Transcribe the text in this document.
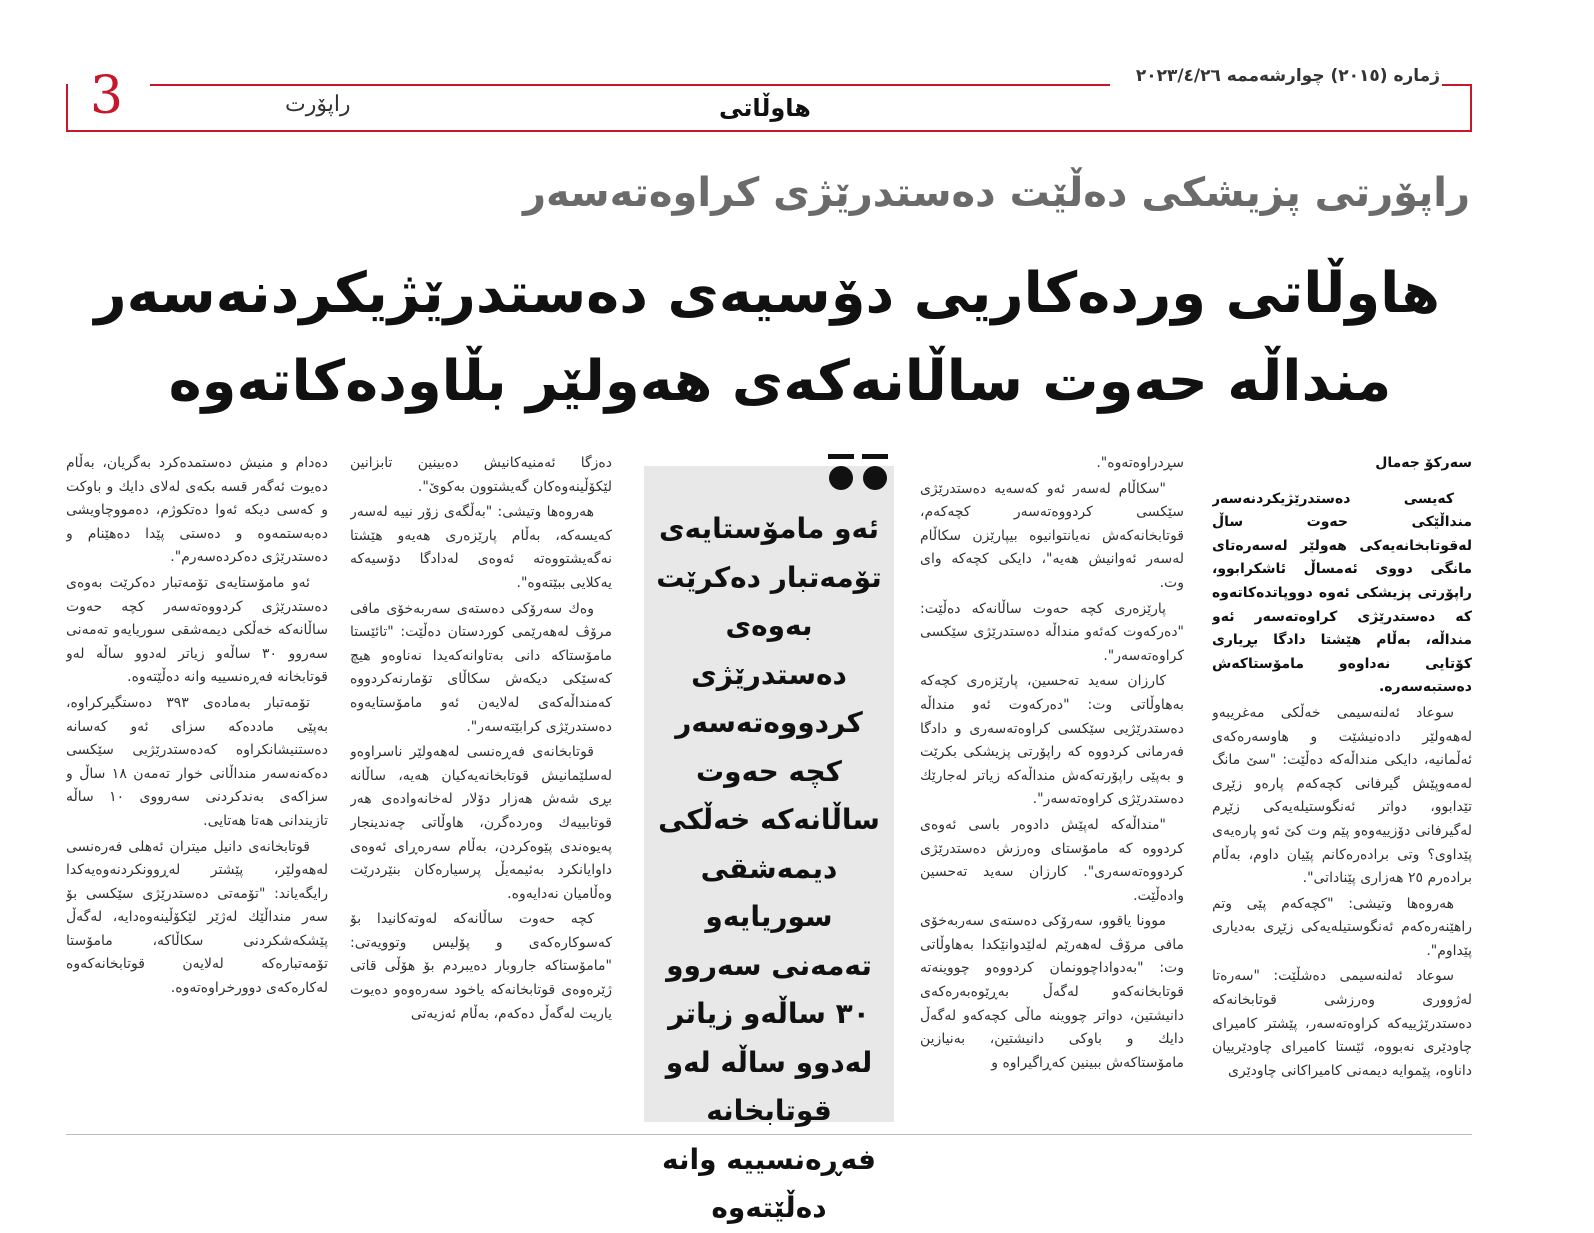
3	راپۆرت	هاوڵاتی
ژماره (٢٠١٥) چوارشه‌ممه ٢٠٢٣/٤/٢٦
راپۆرتی پزیشکی ده‌ڵێت ده‌ستدرێژی کراوه‌ته‌سه‌ر
هاوڵاتی ورده‌کاریی دۆسیه‌ی ده‌ستدرێژیکردنه‌سه‌ر
منداڵه‌ حه‌وت ساڵانه‌که‌ی هه‌ولێر بڵاوده‌کاته‌وه

سه‌رکۆ جه‌مال

كه‌یسی ده‌ستدرێژیكردنه‌سه‌ر منداڵێكی حه‌وت ساڵ له‌قوتابخانه‌یه‌كی هه‌ولێر له‌سه‌ره‌تای مانگی دووی ئه‌مساڵ ئاشكرابوو، راپۆرتی پزیشكی ئه‌وه‌ دووپاتده‌كاته‌وه‌ كه‌ ده‌ستدرێژی كراوه‌ته‌سه‌ر ئه‌و منداڵه‌، به‌ڵام هێشتا دادگا بڕیاری كۆتایی نه‌داوه‌و مامۆستاكه‌ش ده‌ستبه‌سه‌ره‌.

سوعاد ئه‌لنه‌سیمی خه‌ڵكی مه‌غریبه‌و له‌هه‌ولێر دادەنیشێت و هاوسه‌ره‌كه‌ی ئه‌ڵمانیه‌، دایكی منداڵه‌كه‌ ده‌ڵێت: "سێ مانگ له‌مه‌وپێش گیرفانی كچه‌كه‌م پاره‌و زێڕی تێدابوو، دواتر ئه‌نگوستیله‌یه‌كی زێڕم له‌گیرفانی دۆزییه‌وه‌و پێم وت كێ ئه‌و پاره‌یه‌ی پێداوی؟ وتی برادەرەكانم پێیان داوم، بەڵام برادەرم ٢٥ هەزاری پێناداتی".

هەروەها وتیشی: "كچه‌كه‌م پێی وتم راهێنەرەكەم ئه‌نگوستیله‌یه‌كی زێڕی بەدیاری پێداوم".

سوعاد ئه‌لنه‌سیمی ده‌شڵێت: "سەرەتا لەژووری وەرزشی قوتابخانەكە دەستدرێژییەكە كراوەتەسەر، پێشتر كامیرای چاودێری نەبووە، ئێستا كامیرای چاودێرییان داناوە، پێموایە دیمەنی كامیراكانی چاودێری

سڕدراوەتەوە".

"سكاڵام لەسەر ئەو كەسەیە دەستدرێژی سێكسی كردووەتەسەر كچەكەم، قوتابخانەكەش نەیانتوانیوە بیپارێزن سكاڵام لەسەر ئەوانیش هەیە"، دایكی كچەكە وای وت.

پارێزەری كچە حەوت ساڵانەكە دەڵێت: "دەركەوت كەئەو منداڵە دەستدرێژی سێكسی كراوەتەسەر".

كارزان سەید تەحسین، پارێزەری كچەكە بەهاوڵاتی وت: "دەركەوت ئەو منداڵە دەستدرێژیی سێكسی كراوەتەسەری و دادگا فەرمانی كردووە كە راپۆرتی پزیشكی بكرێت و بەپێی راپۆرتەكەش منداڵەكە زیاتر لەجارێك دەستدرێژی كراوەتەسەر".

"منداڵەكە لەپێش دادوەر باسی ئەوەی كردووە كە مامۆستای وەرزش دەستدرێژی كردووەتەسەری". كارزان سەید تەحسین وادەڵێت.

موونا یاقوو، سەرۆكی دەستەی سەربەخۆی مافی مرۆڤ لەهەرێم لەلێدوانێكدا بەهاوڵاتی وت: "بەدواداچوونمان كردووەو چووینەتە قوتابخانەكەو لەگەڵ بەڕێوەبەرەكەی دانیشتین، دواتر چووینە ماڵی كچەكەو لەگەڵ دایك و باوكی دانیشتین، بەنیازین مامۆستاكەش ببینین كەڕاگیراوە و

ئه‌و مامۆستایه‌ی تۆمه‌تبار ده‌كرێت به‌وه‌ی ده‌ستدرێژی كردووه‌ته‌سه‌ر كچه‌ حه‌وت ساڵانه‌كه‌ خه‌ڵكی دیمه‌شقی سوریایه‌و ته‌مه‌نی سه‌روو ٣٠ ساڵه‌و زیاتر له‌دوو ساڵه‌ له‌و قوتابخانه‌ فه‌ڕه‌نسییه‌ وانه‌ ده‌ڵێته‌وه

دەزگا ئەمنیەكانیش دەبینین تابزانین لێكۆڵینەوەكان گەیشتوون بەكوێ".

هەروەها وتیشی: "بەڵگەی زۆر نییە لەسەر كەیسەكە، بەڵام پارێزەری هەیەو هێشتا نەگەیشتووەتە ئەوەی لەدادگا دۆسیەكە یەكلایی ببێتەوە".

وەك سەرۆكی دەستەی سەربەخۆی مافی مرۆڤ لەهەرێمی كوردستان دەڵێت: "تائێستا مامۆستاكە دانی بەتاوانەكەیدا نەناوەو هیچ كەسێكی دیكەش سكاڵای تۆمارنەكردووە كەمنداڵەكەی لەلایەن ئەو مامۆستایەوە دەستدرێژی كرابێتەسەر".

قوتابخانەی فەڕەنسی لەهەولێر ناسراوەو لەسلێمانیش قوتابخانەیەكیان هەیە، ساڵانە بڕی شەش هەزار دۆلار لەخانەوادەی هەر قوتابییەك وەردەگرن، هاوڵاتی چەندینجار پەیوەندی پێوەكردن، بەڵام سەرەڕای ئەوەی داوایانكرد بەئیمەیڵ پرسیارەكان بنێردرێت وەڵامیان نەدایەوە.

كچە حەوت ساڵانەكە لەوتەكانیدا بۆ كەسوكارەكەی و پۆلیس وتوویەتی: "مامۆستاكە جاروبار دەیبردم بۆ هۆڵی قاتی ژێرەوەی قوتابخانەكە یاخود سەرەوەو دەیوت یاریت لەگەڵ دەكەم، بەڵام ئەزیەتی

دەدام و منیش دەستمدەكرد بەگریان، بەڵام دەیوت ئەگەر قسە بكەی لەلای دایك و باوكت و كەسی دیكە ئەوا دەتكوژم، دەمووچاویشی دەبەستمەوە و دەستی پێدا دەهێنام و دەستدرێژی دەكردەسەرم".

ئەو مامۆستایەی تۆمەتبار دەكرێت بەوەی دەستدرێژی كردووەتەسەر كچە حەوت ساڵانەكە خەڵكی دیمەشقی سوریایەو تەمەنی سەروو ٣٠ ساڵەو زیاتر لەدوو ساڵە لەو قوتابخانە فەڕەنسییە وانە دەڵێتەوە.

تۆمەتبار بەمادەی ٣٩٣ دەستگیركراوە، بەپێی ماددەكە سزای ئەو كەسانە دەستنیشانكراوە كەدەستدرێژیی سێكسی دەكەنەسەر منداڵانی خوار تەمەن ١٨ ساڵ و سزاكەی بەندكردنی سەرووی ١٠ ساڵە تازیندانی هەتا هەتایی.

قوتابخانەی دانیل میتران ئەهلی فەرەنسی لەهەولێر، پێشتر لەڕوونكردنەوەیەكدا رایگەیاند: "تۆمەتی دەستدرێژی سێكسی بۆ سەر منداڵێك لەژێر لێكۆڵینەوەدایە، لەگەڵ پێشكەشكردنی سكاڵاكە، مامۆستا تۆمەتبارەكە لەلایەن قوتابخانەكەوە لەكارەكەی دوورخراوەتەوە.
